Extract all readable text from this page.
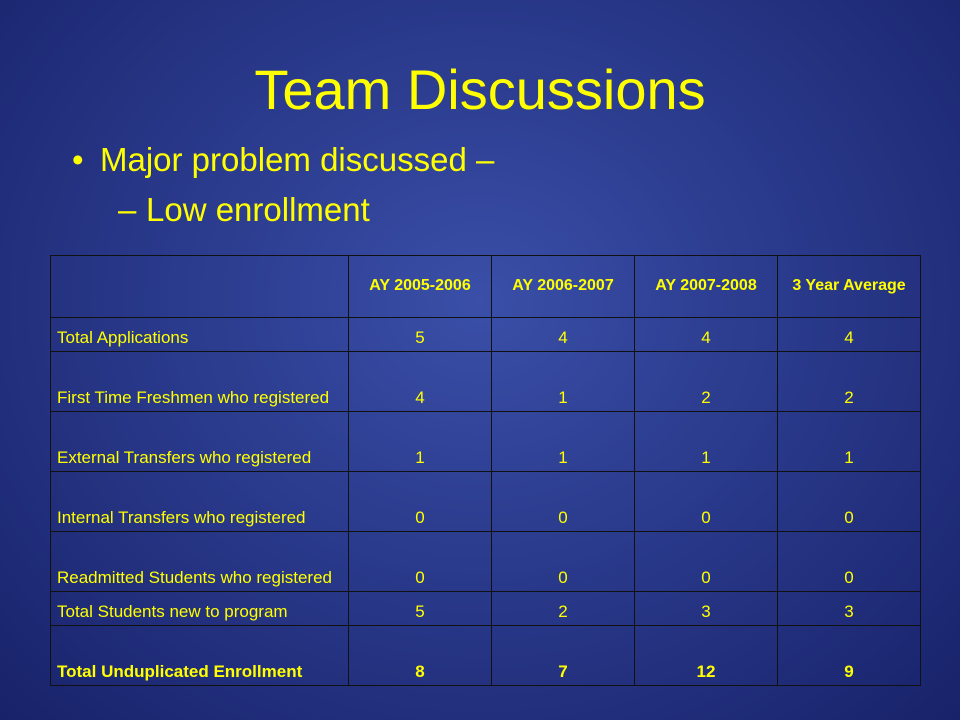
Team Discussions
• Major problem discussed –
– Low enrollment
	AY 2005-2006	AY 2006-2007	AY 2007-2008	3 Year Average
Total Applications	5	4	4	4
First Time Freshmen who registered	4	1	2	2
External Transfers who registered	1	1	1	1
Internal Transfers who registered	0	0	0	0
Readmitted Students who registered	0	0	0	0
Total Students new to program	5	2	3	3
Total Unduplicated Enrollment	8	7	12	9
